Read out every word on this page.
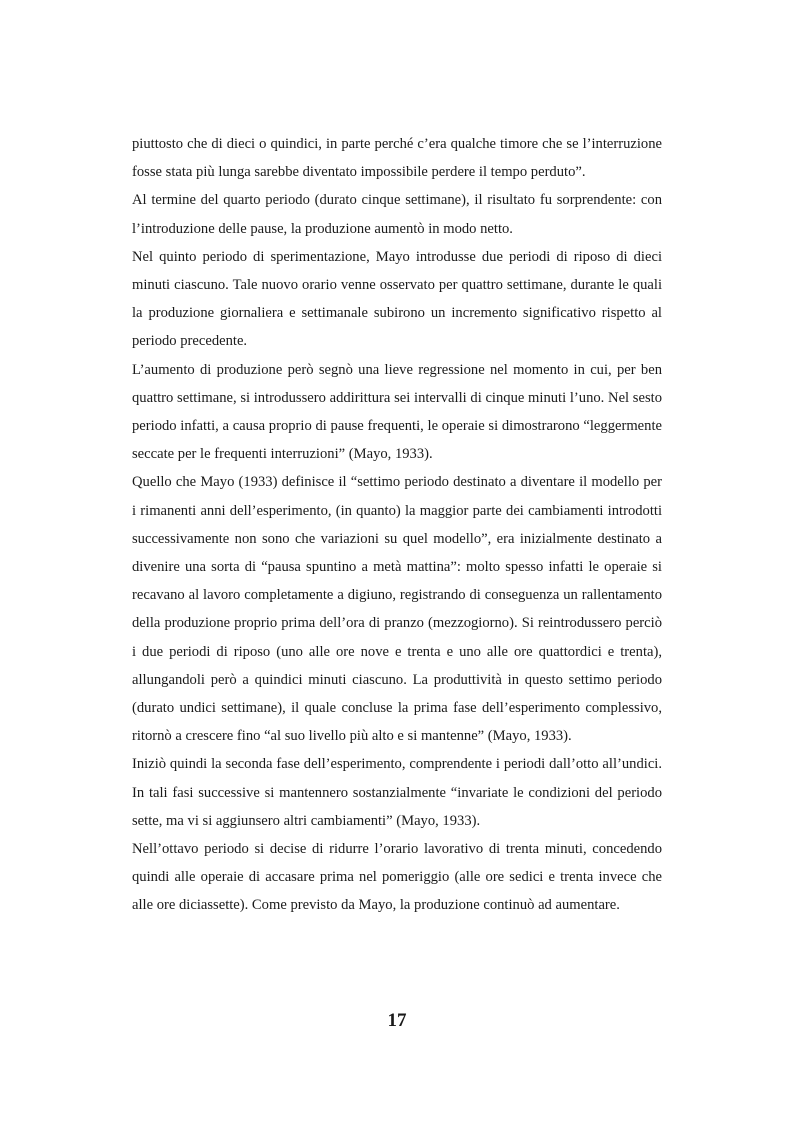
piuttosto che di dieci o quindici, in parte perché c’era qualche timore che se l’interruzione fosse stata più lunga sarebbe diventato impossibile perdere il tempo perduto”.

Al termine del quarto periodo (durato cinque settimane), il risultato fu sorprendente: con l’introduzione delle pause, la produzione aumentò in modo netto.

Nel quinto periodo di sperimentazione, Mayo introdusse due periodi di riposo di dieci minuti ciascuno. Tale nuovo orario venne osservato per quattro settimane, durante le quali la produzione giornaliera e settimanale subirono un incremento significativo rispetto al periodo precedente.

L’aumento di produzione però segnò una lieve regressione nel momento in cui, per ben quattro settimane, si introdussero addirittura sei intervalli di cinque minuti l’uno. Nel sesto periodo infatti, a causa proprio di pause frequenti, le operaie si dimostrarono “leggermente seccate per le frequenti interruzioni” (Mayo, 1933).

Quello che Mayo (1933) definisce il “settimo periodo destinato a diventare il modello per i rimanenti anni dell’esperimento, (in quanto) la maggior parte dei cambiamenti introdotti successivamente non sono che variazioni su quel modello”, era inizialmente destinato a divenire una sorta di “pausa spuntino a metà mattina”: molto spesso infatti le operaie si recavano al lavoro completamente a digiuno, registrando di conseguenza un rallentamento della produzione proprio prima dell’ora di pranzo (mezzogiorno). Si reintrodussero perciò i due periodi di riposo (uno alle ore nove e trenta e uno alle ore quattordici e trenta), allungandoli però a quindici minuti ciascuno. La produttività in questo settimo periodo (durato undici settimane), il quale concluse la prima fase dell’esperimento complessivo, ritornò a crescere fino “al suo livello più alto e si mantenne” (Mayo, 1933).

Iniziò quindi la seconda fase dell’esperimento, comprendente i periodi dall’otto all’undici. In tali fasi successive si mantennero sostanzialmente “invariate le condizioni del periodo sette, ma vi si aggiunsero altri cambiamenti” (Mayo, 1933).

Nell’ottavo periodo si decise di ridurre l’orario lavorativo di trenta minuti, concedendo quindi alle operaie di accasare prima nel pomeriggio (alle ore sedici e trenta invece che alle ore diciassette). Come previsto da Mayo, la produzione continuò ad aumentare.

17
